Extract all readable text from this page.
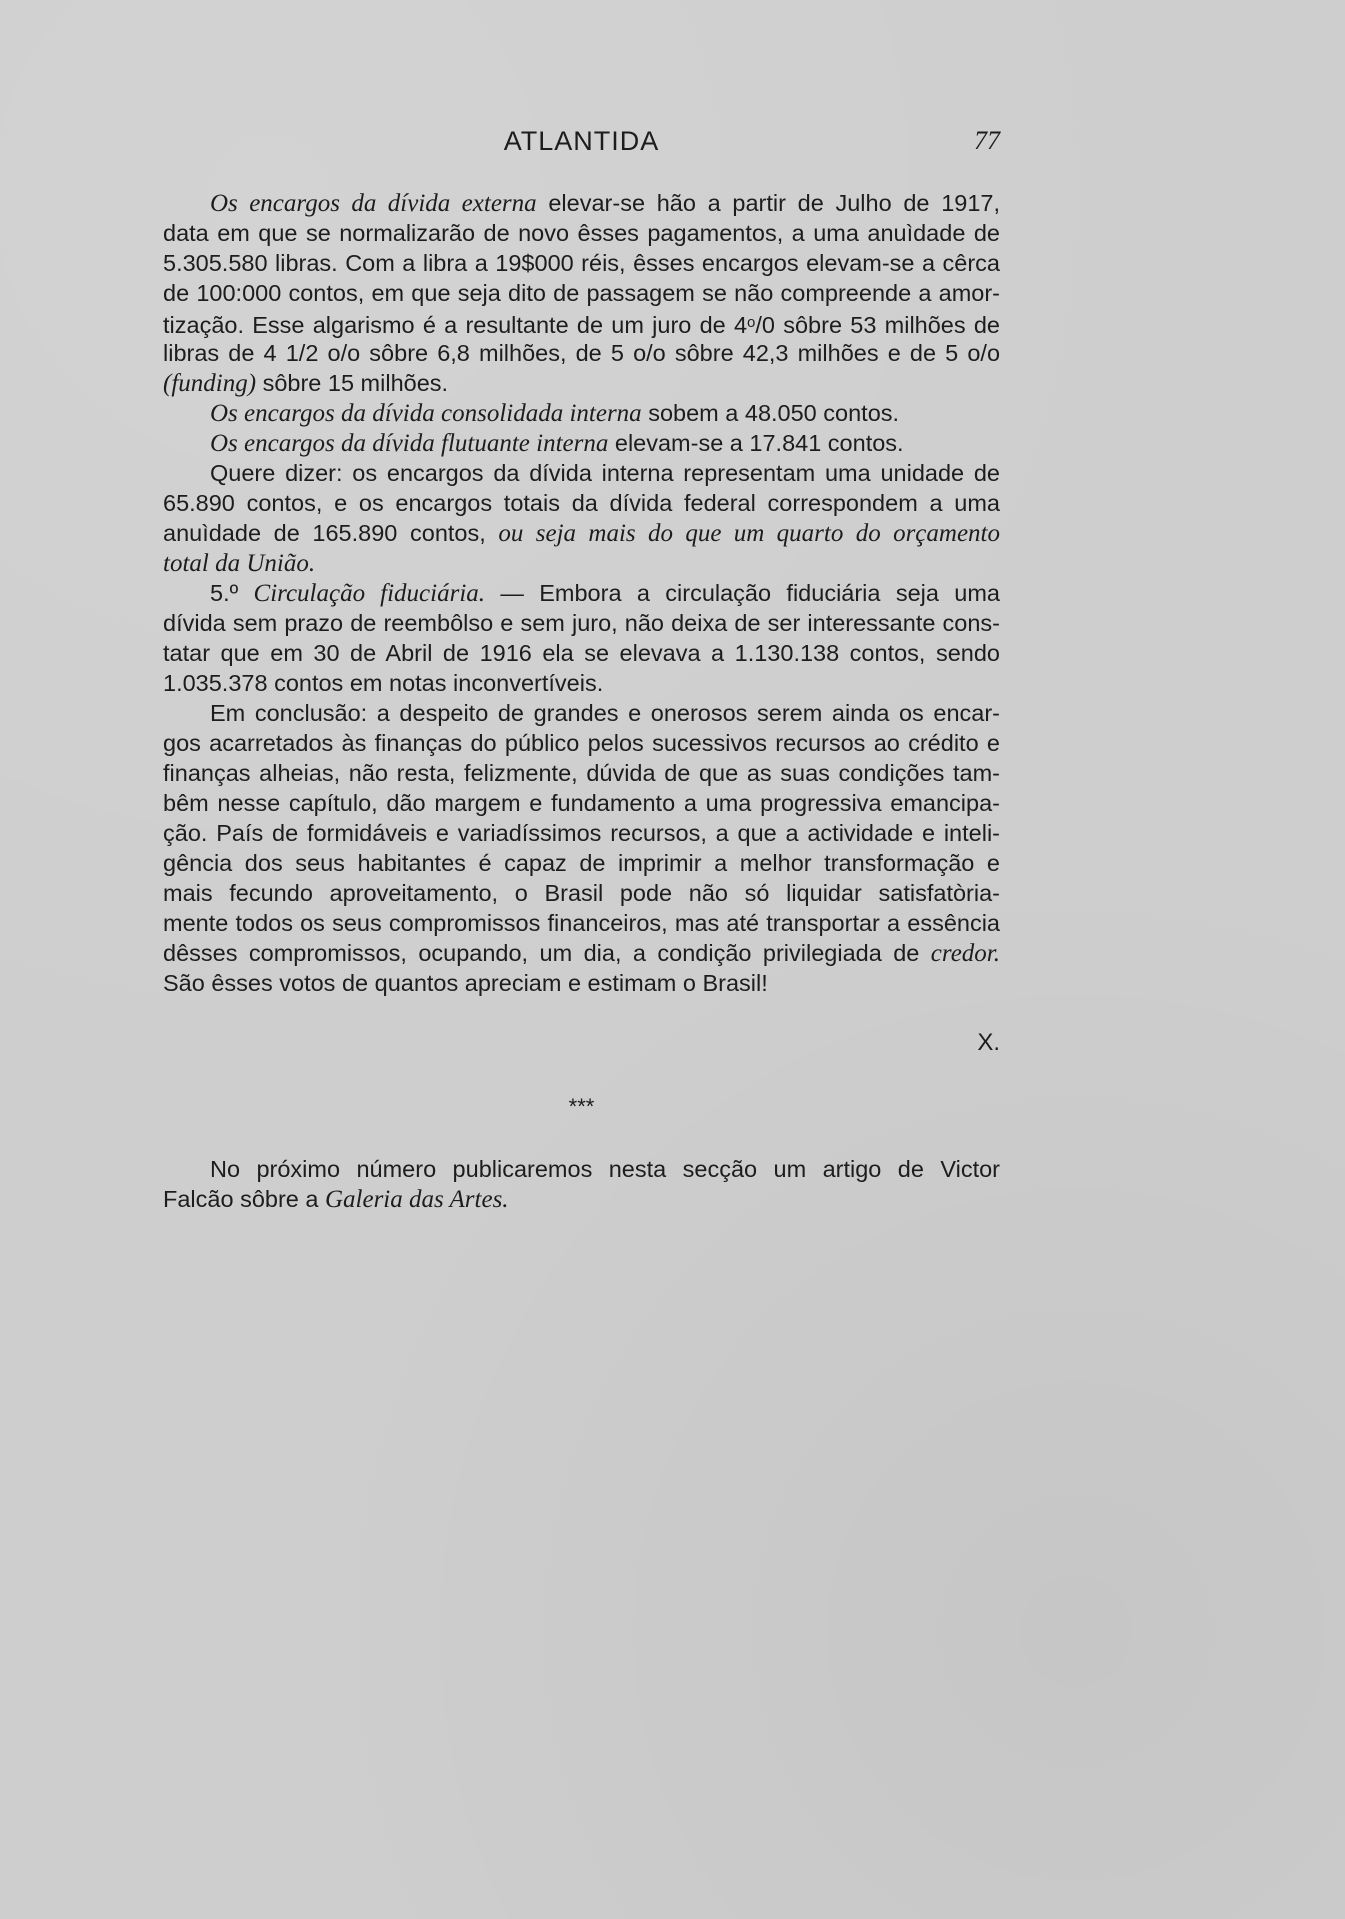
ATLANTIDA	77
Os encargos da dívida externa elevar-se hão a partir de Julho de 1917,
data em que se normalizarão de novo êsses pagamentos, a uma anuìdade de
5.305.580 libras. Com a libra a 19$000 réis, êsses encargos elevam-se a cêrca
de 100:000 contos, em que seja dito de passagem se não compreende a amor-
tização. Esse algarismo é a resultante de um juro de 4$^o$/0 sôbre 53 milhões de
libras de 4 1/2 o/o sôbre 6,8 milhões, de 5 o/o sôbre 42,3 milhões e de 5 o/o
(funding) sôbre 15 milhões.
Os encargos da dívida consolidada interna sobem a 48.050 contos.
Os encargos da dívida flutuante interna elevam-se a 17.841 contos.
Quere dizer: os encargos da dívida interna representam uma unidade de
65.890 contos, e os encargos totais da dívida federal correspondem a uma
anuìdade de 165.890 contos, ou seja mais do que um quarto do orçamento
total da União.
5.º Circulação fiduciária. — Embora a circulação fiduciária seja uma
dívida sem prazo de reembôlso e sem juro, não deixa de ser interessante cons-
tatar que em 30 de Abril de 1916 ela se elevava a 1.130.138 contos, sendo
1.035.378 contos em notas inconvertíveis.
Em conclusão: a despeito de grandes e onerosos serem ainda os encar-
gos acarretados às finanças do público pelos sucessivos recursos ao crédito e
finanças alheias, não resta, felizmente, dúvida de que as suas condições tam-
bêm nesse capítulo, dão margem e fundamento a uma progressiva emancipa-
ção. País de formidáveis e variadíssimos recursos, a que a actividade e inteli-
gência dos seus habitantes é capaz de imprimir a melhor transformação e
mais fecundo aproveitamento, o Brasil pode não só liquidar satisfatòria-
mente todos os seus compromissos financeiros, mas até transportar a essência
dêsses compromissos, ocupando, um dia, a condição privilegiada de credor.
São êsses votos de quantos apreciam e estimam o Brasil!
X.
***
No próximo número publicaremos nesta secção um artigo de Victor
Falcão sôbre a Galeria das Artes.
